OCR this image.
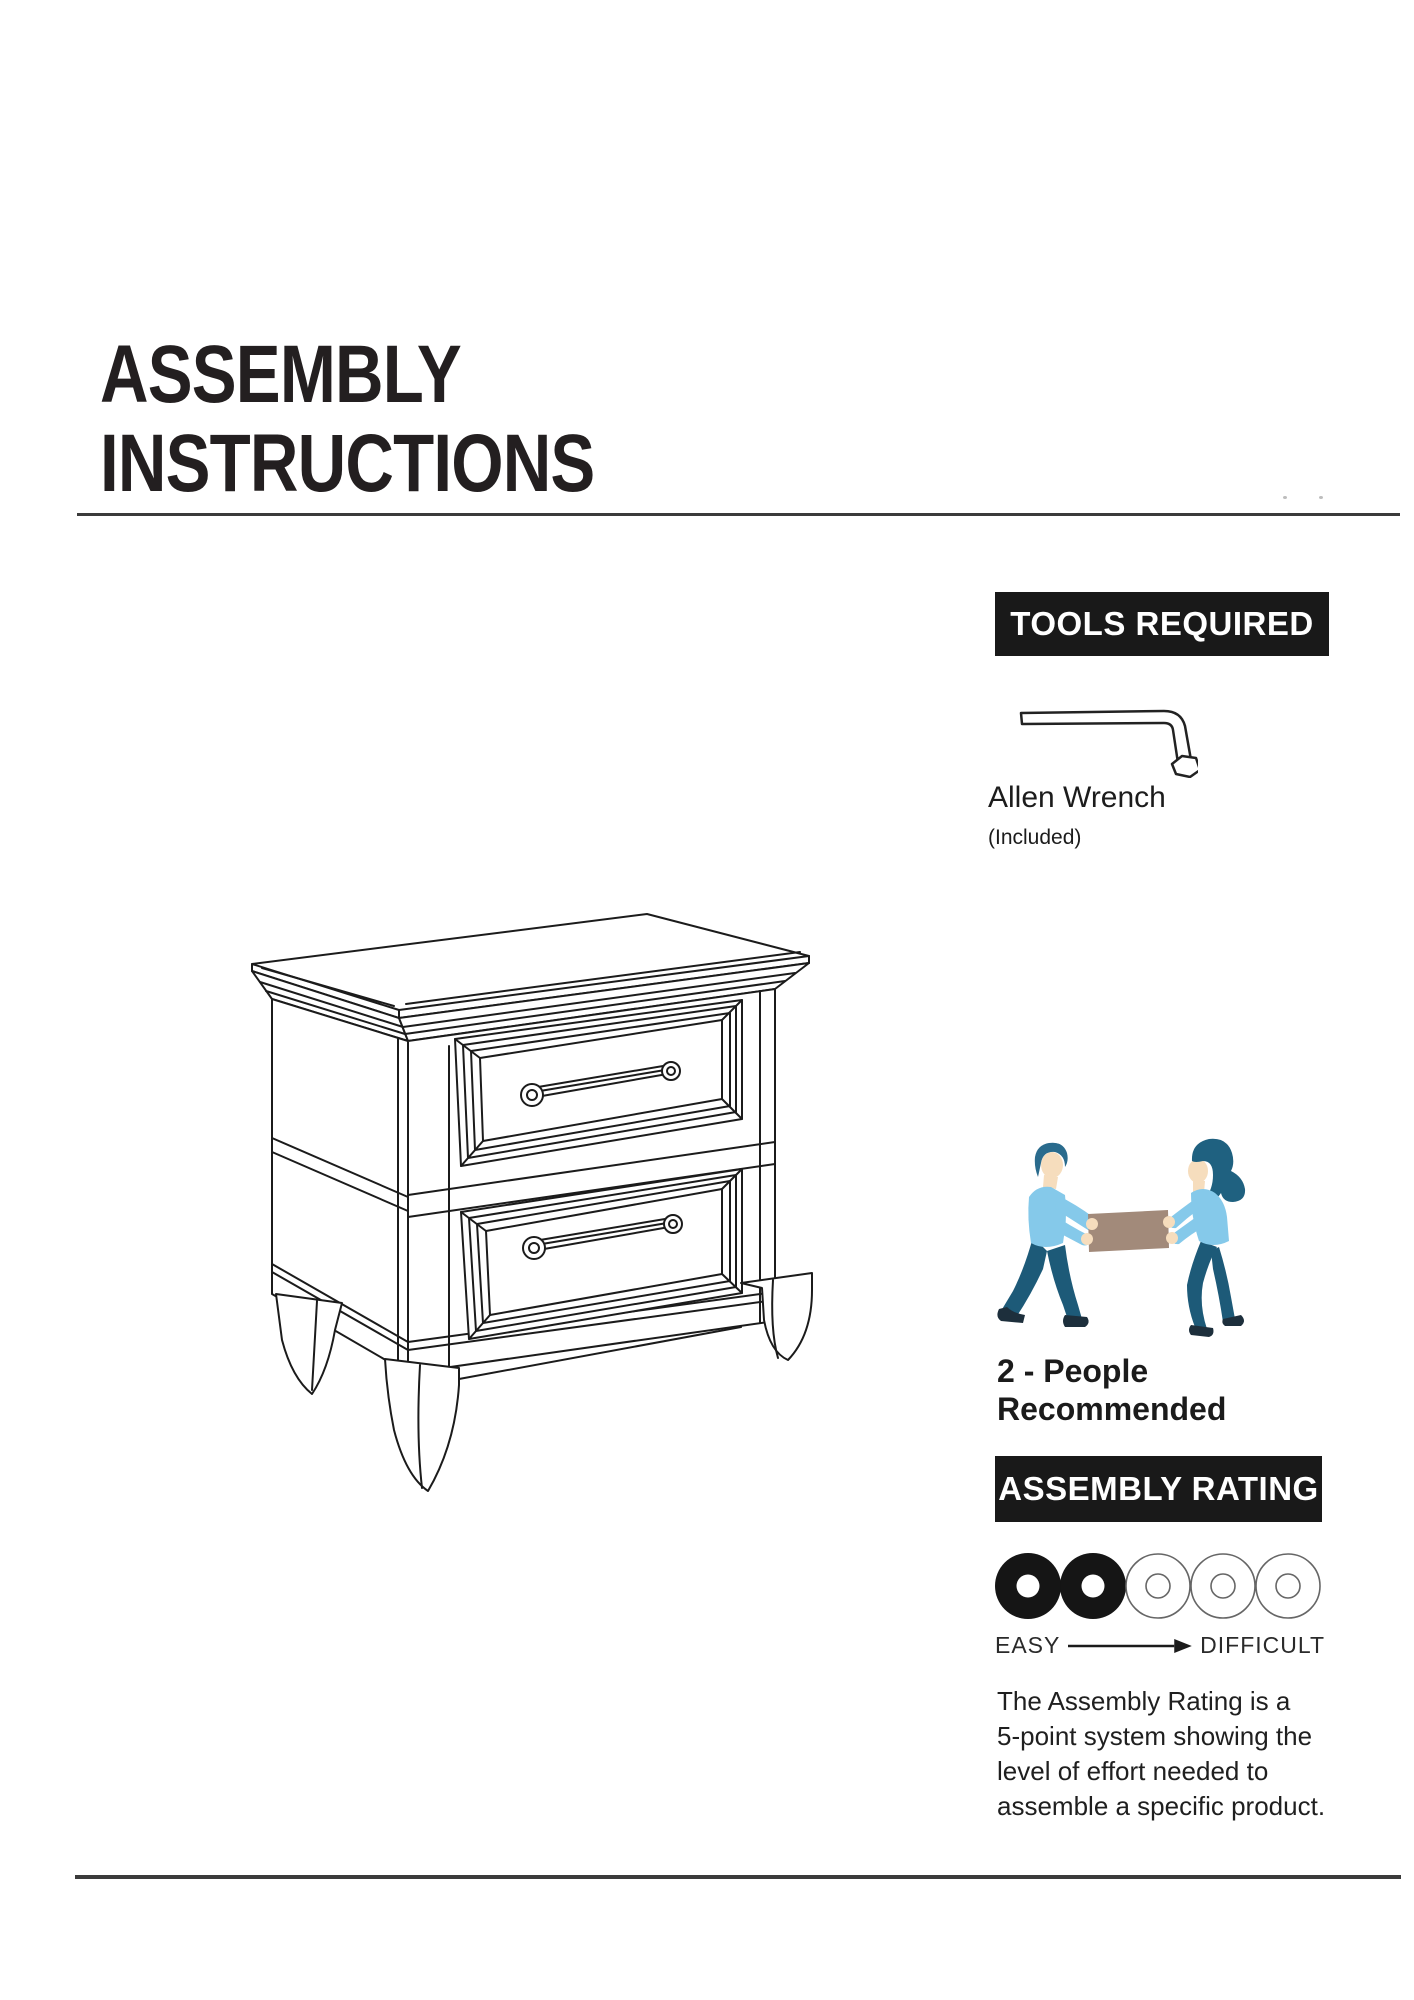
ASSEMBLY
INSTRUCTIONS
TOOLS REQUIRED
Allen Wrench
(Included)
2 - People
Recommended
ASSEMBLY RATING
EASY	DIFFICULT
The Assembly Rating is a
5-point system showing the
level of effort needed to
assemble a specific product.
